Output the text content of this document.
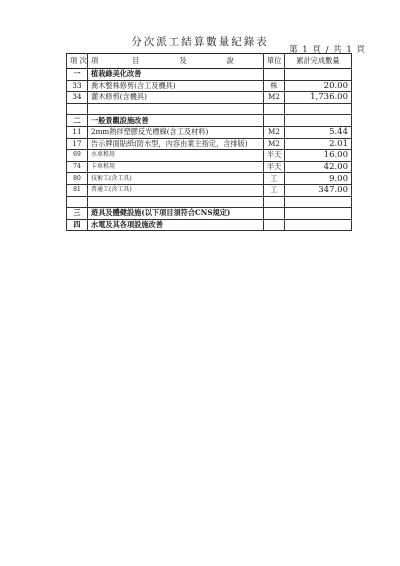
分次派工結算數量紀錄表
第 1 頁 / 共 1 頁
項 次	項 目 及 說	單位	累計完成數量
一	植栽綠美化改善		
33	喬木整株修剪(含工及機具)	株	20.00
34	灌木修剪(含機具)	M2	1,736.00

二	一般景觀設施改善		
11	2mm熱拌塑膠反光標線(含工及材料)	M2	5.44
17	告示牌面貼紙(防水型，內容由業主指定，含排版)	M2	2.01
69	水車租用	半天	16.00
74	卡車租用	半天	42.00
80	技術工(含工具)	工	9.00
81	普通工(含工具)	工	347.00

三	遊具及體健設施(以下項目須符合CNS規定)		
四	水電及其各項設施改善		
